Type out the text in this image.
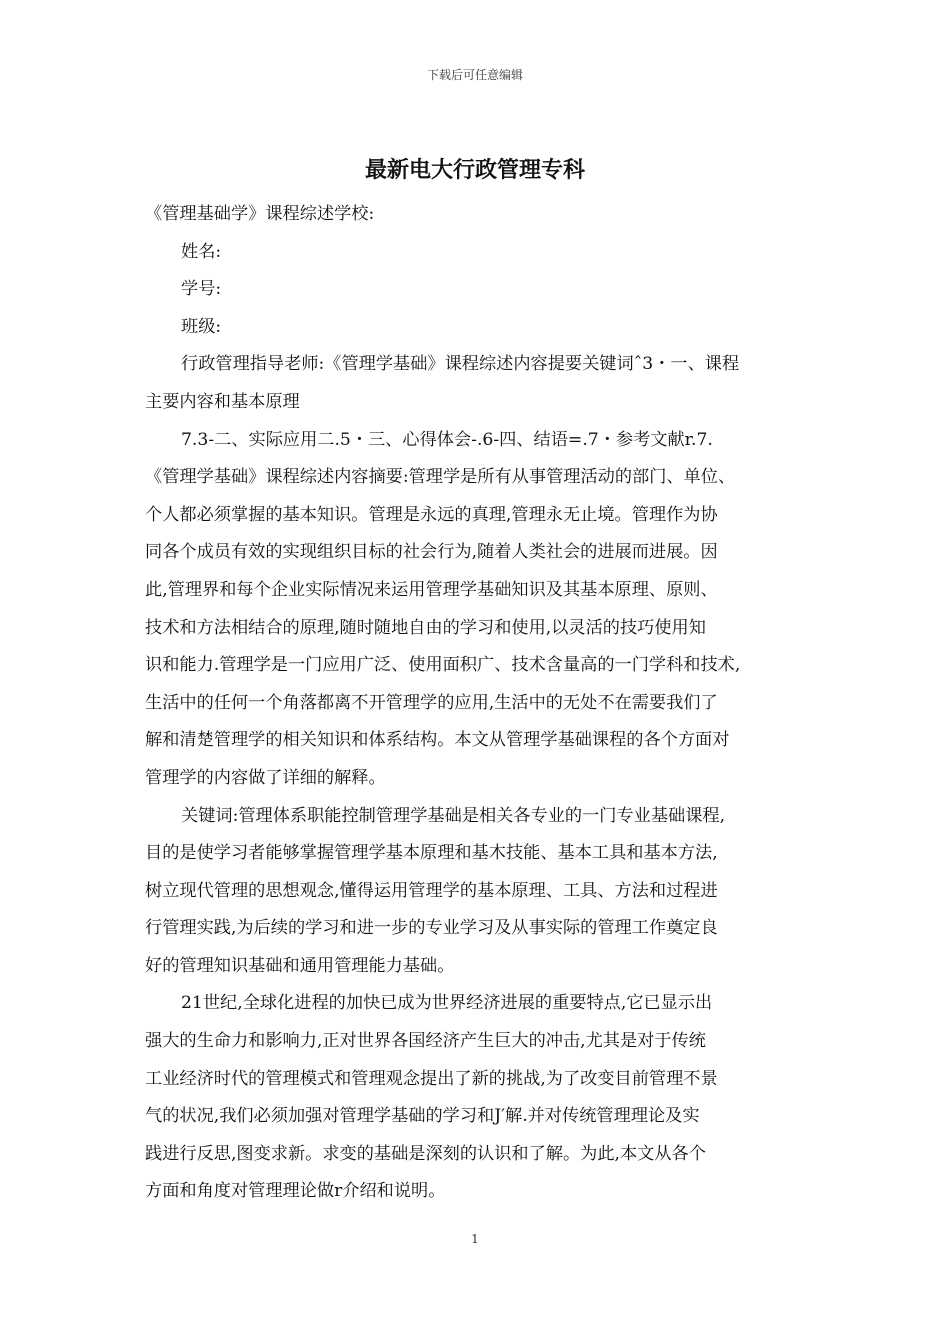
下载后可任意编辑
最新电大行政管理专科

《管理基础学》课程综述学校:

姓名:

学号:

班级:

行政管理指导老师:《管理学基础》课程综述内容提要关键词ˆ3・一、课程

主要内容和基本原理

7.3-二、实际应用二.5・三、心得体会-.6-四、结语=.7・参考文献r.7.

《管理学基础》课程综述内容摘要:管理学是所有从事管理活动的部门、单位、

个人都必须掌握的基本知识。管理是永远的真理,管理永无止境。管理作为协

同各个成员有效的实现组织目标的社会行为,随着人类社会的进展而进展。因

此,管理界和每个企业实际情况来运用管理学基础知识及其基本原理、原则、

技术和方法相结合的原理,随时随地自由的学习和使用,以灵活的技巧使用知

识和能力.管理学是一门应用广泛、使用面积广、技术含量高的一门学科和技术,

生活中的任何一个角落都离不开管理学的应用,生活中的无处不在需要我们了

解和清楚管理学的相关知识和体系结构。本文从管理学基础课程的各个方面对

管理学的内容做了详细的解释。

关键词:管理体系职能控制管理学基础是相关各专业的一门专业基础课程,

目的是使学习者能够掌握管理学基本原理和基木技能、基本工具和基本方法,

树立现代管理的思想观念,懂得运用管理学的基本原理、工具、方法和过程进

行管理实践,为后续的学习和进一步的专业学习及从事实际的管理工作奠定良

好的管理知识基础和通用管理能力基础。

21世纪,全球化进程的加快已成为世界经济进展的重要特点,它已显示出

强大的生命力和影响力,正对世界各国经济产生巨大的冲击,尤其是对于传统

工业经济时代的管理模式和管理观念提出了新的挑战,为了改变目前管理不景

气的状况,我们必须加强对管理学基础的学习和J′解.并对传统管理理论及实

践进行反思,图变求新。求变的基础是深刻的认识和了解。为此,本文从各个

方面和角度对管理理论做r介绍和说明。

1
